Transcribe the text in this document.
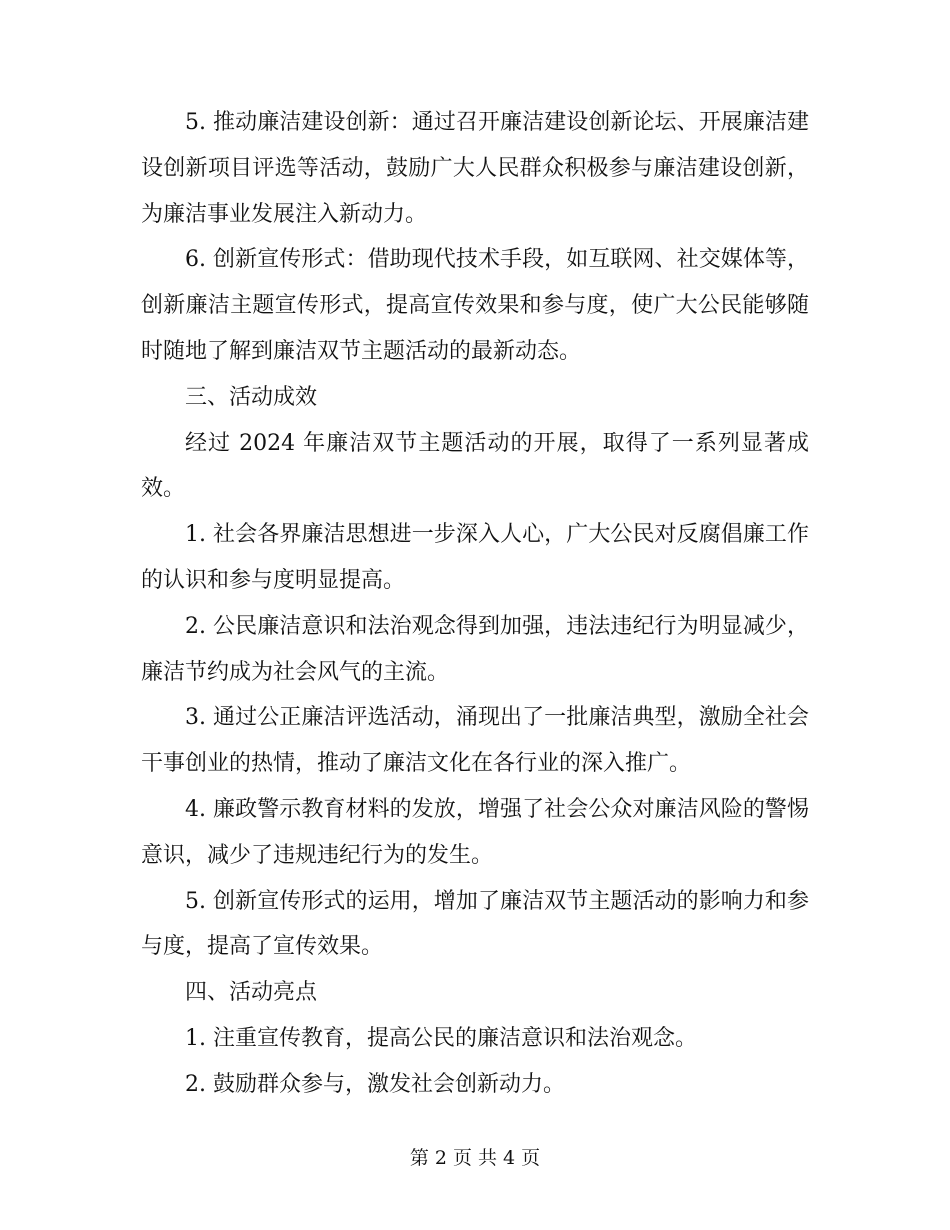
5. 推动廉洁建设创新：通过召开廉洁建设创新论坛、开展廉洁建设创新项目评选等活动，鼓励广大人民群众积极参与廉洁建设创新，为廉洁事业发展注入新动力。

6. 创新宣传形式：借助现代技术手段，如互联网、社交媒体等，创新廉洁主题宣传形式，提高宣传效果和参与度，使广大公民能够随时随地了解到廉洁双节主题活动的最新动态。

三、活动成效

经过 2024 年廉洁双节主题活动的开展，取得了一系列显著成效。

1. 社会各界廉洁思想进一步深入人心，广大公民对反腐倡廉工作的认识和参与度明显提高。

2. 公民廉洁意识和法治观念得到加强，违法违纪行为明显减少，廉洁节约成为社会风气的主流。

3. 通过公正廉洁评选活动，涌现出了一批廉洁典型，激励全社会干事创业的热情，推动了廉洁文化在各行业的深入推广。

4. 廉政警示教育材料的发放，增强了社会公众对廉洁风险的警惕意识，减少了违规违纪行为的发生。

5. 创新宣传形式的运用，增加了廉洁双节主题活动的影响力和参与度，提高了宣传效果。

四、活动亮点

1. 注重宣传教育，提高公民的廉洁意识和法治观念。

2. 鼓励群众参与，激发社会创新动力。

第 2 页 共 4 页
